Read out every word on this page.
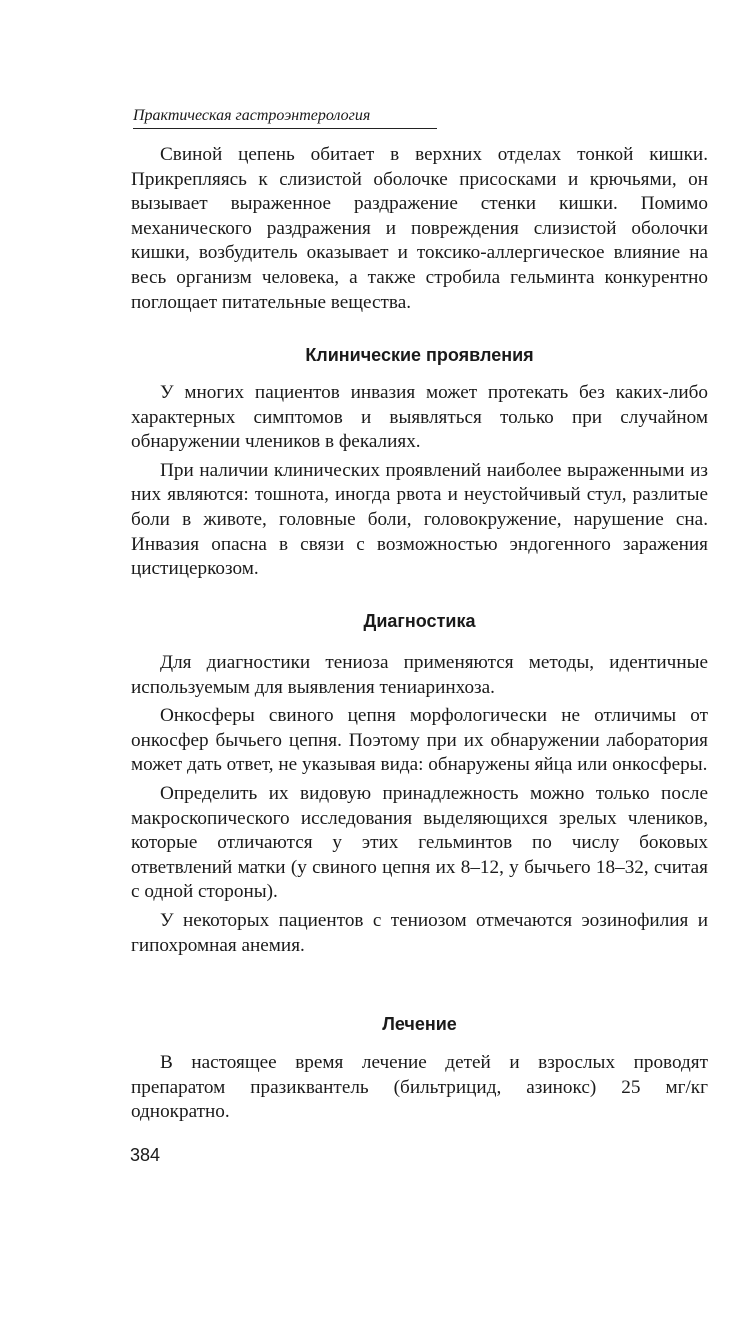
Практическая гастроэнтерология

Свиной цепень обитает в верхних отделах тонкой кишки. Прикрепляясь к слизистой оболочке присосками и крючьями, он вызывает выраженное раздражение стенки кишки. Помимо механического раздражения и повреждения слизистой оболочки кишки, возбудитель оказывает и токсико-аллергическое влияние на весь организм человека, а также стробила гельминта конкурентно поглощает питательные вещества.

Клинические проявления

У многих пациентов инвазия может протекать без каких-либо характерных симптомов и выявляться только при случайном обнаружении члеников в фекалиях.

При наличии клинических проявлений наиболее выраженными из них являются: тошнота, иногда рвота и неустойчивый стул, разлитые боли в животе, головные боли, головокружение, нарушение сна. Инвазия опасна в связи с возможностью эндогенного заражения цистицеркозом.

Диагностика

Для диагностики тениоза применяются методы, идентичные используемым для выявления тениаринхоза.

Онкосферы свиного цепня морфологически не отличимы от онкосфер бычьего цепня. Поэтому при их обнаружении лаборатория может дать ответ, не указывая вида: обнаружены яйца или онкосферы.

Определить их видовую принадлежность можно только после макроскопического исследования выделяющихся зрелых члеников, которые отличаются у этих гельминтов по числу боковых ответвлений матки (у свиного цепня их 8–12, у бычьего 18–32, считая с одной стороны).

У некоторых пациентов с тениозом отмечаются эозинофилия и гипохромная анемия.

Лечение

В настоящее время лечение детей и взрослых проводят препаратом празиквантель (бильтрицид, азинокс) 25 мг/кг однократно.

384
